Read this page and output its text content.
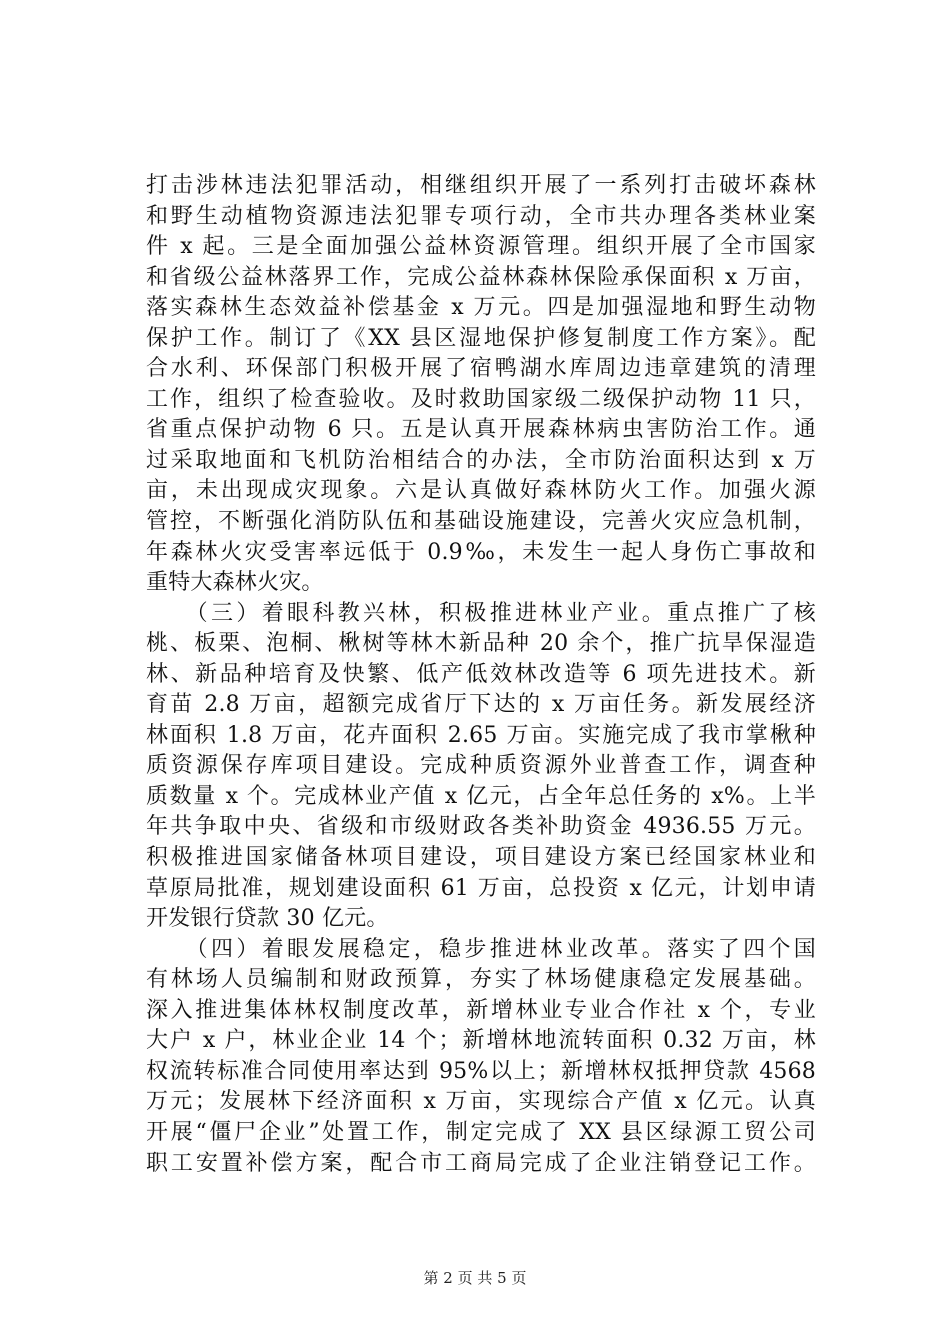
打击涉林违法犯罪活动，相继组织开展了一系列打击破坏森林
和野生动植物资源违法犯罪专项行动，全市共办理各类林业案
件 x 起。三是全面加强公益林资源管理。组织开展了全市国家
和省级公益林落界工作，完成公益林森林保险承保面积 x 万亩，
落实森林生态效益补偿基金 x 万元。四是加强湿地和野生动物
保护工作。制订了《XX 县区湿地保护修复制度工作方案》。配
合水利、环保部门积极开展了宿鸭湖水库周边违章建筑的清理
工作，组织了检查验收。及时救助国家级二级保护动物 11 只，
省重点保护动物 6 只。五是认真开展森林病虫害防治工作。通
过采取地面和飞机防治相结合的办法，全市防治面积达到 x 万
亩，未出现成灾现象。六是认真做好森林防火工作。加强火源
管控，不断强化消防队伍和基础设施建设，完善火灾应急机制，
年森林火灾受害率远低于 0.9‰，未发生一起人身伤亡事故和
重特大森林火灾。
　　（三）着眼科教兴林，积极推进林业产业。重点推广了核
桃、板栗、泡桐、楸树等林木新品种 20 余个，推广抗旱保湿造
林、新品种培育及快繁、低产低效林改造等 6 项先进技术。新
育苗 2.8 万亩，超额完成省厅下达的 x 万亩任务。新发展经济
林面积 1.8 万亩，花卉面积 2.65 万亩。实施完成了我市掌楸种
质资源保存库项目建设。完成种质资源外业普查工作，调查种
质数量 x 个。完成林业产值 x 亿元，占全年总任务的 x%。上半
年共争取中央、省级和市级财政各类补助资金 4936.55 万元。
积极推进国家储备林项目建设，项目建设方案已经国家林业和
草原局批准，规划建设面积 61 万亩，总投资 x 亿元，计划申请
开发银行贷款 30 亿元。
　　（四）着眼发展稳定，稳步推进林业改革。落实了四个国
有林场人员编制和财政预算，夯实了林场健康稳定发展基础。
深入推进集体林权制度改革，新增林业专业合作社 x 个，专业
大户 x 户，林业企业 14 个；新增林地流转面积 0.32 万亩，林
权流转标准合同使用率达到 95%以上；新增林权抵押贷款 4568
万元；发展林下经济面积 x 万亩，实现综合产值 x 亿元。认真
开展“僵尸企业”处置工作，制定完成了 XX 县区绿源工贸公司
职工安置补偿方案，配合市工商局完成了企业注销登记工作。
第 2 页 共 5 页
